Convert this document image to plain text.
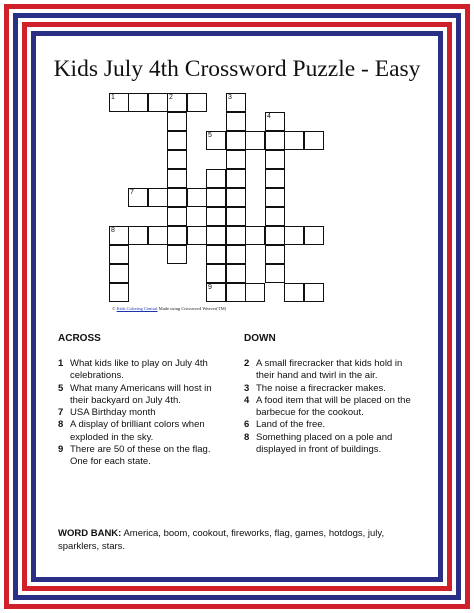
Kids July 4th Crossword Puzzle - Easy
1	2	3
5
4
7
9
8
© Kids Coloring Central Made using Crossword Weaver(TM)
ACROSS	DOWN
1 What kids like to play on July 4th celebrations.
5 What many Americans will host in their backyard on July 4th.
7 USA Birthday month
8 A display of brilliant colors when exploded in the sky.
9 There are 50 of these on the flag. One for each state.
2 A small firecracker that kids hold in their hand and twirl in the air.
3 The noise a firecracker makes.
4 A food item that will be placed on the barbecue for the cookout.
6 Land of the free.
8 Something placed on a pole and displayed in front of buildings.
WORD BANK: America, boom, cookout, fireworks, flag, games, hotdogs, july, sparklers, stars.
